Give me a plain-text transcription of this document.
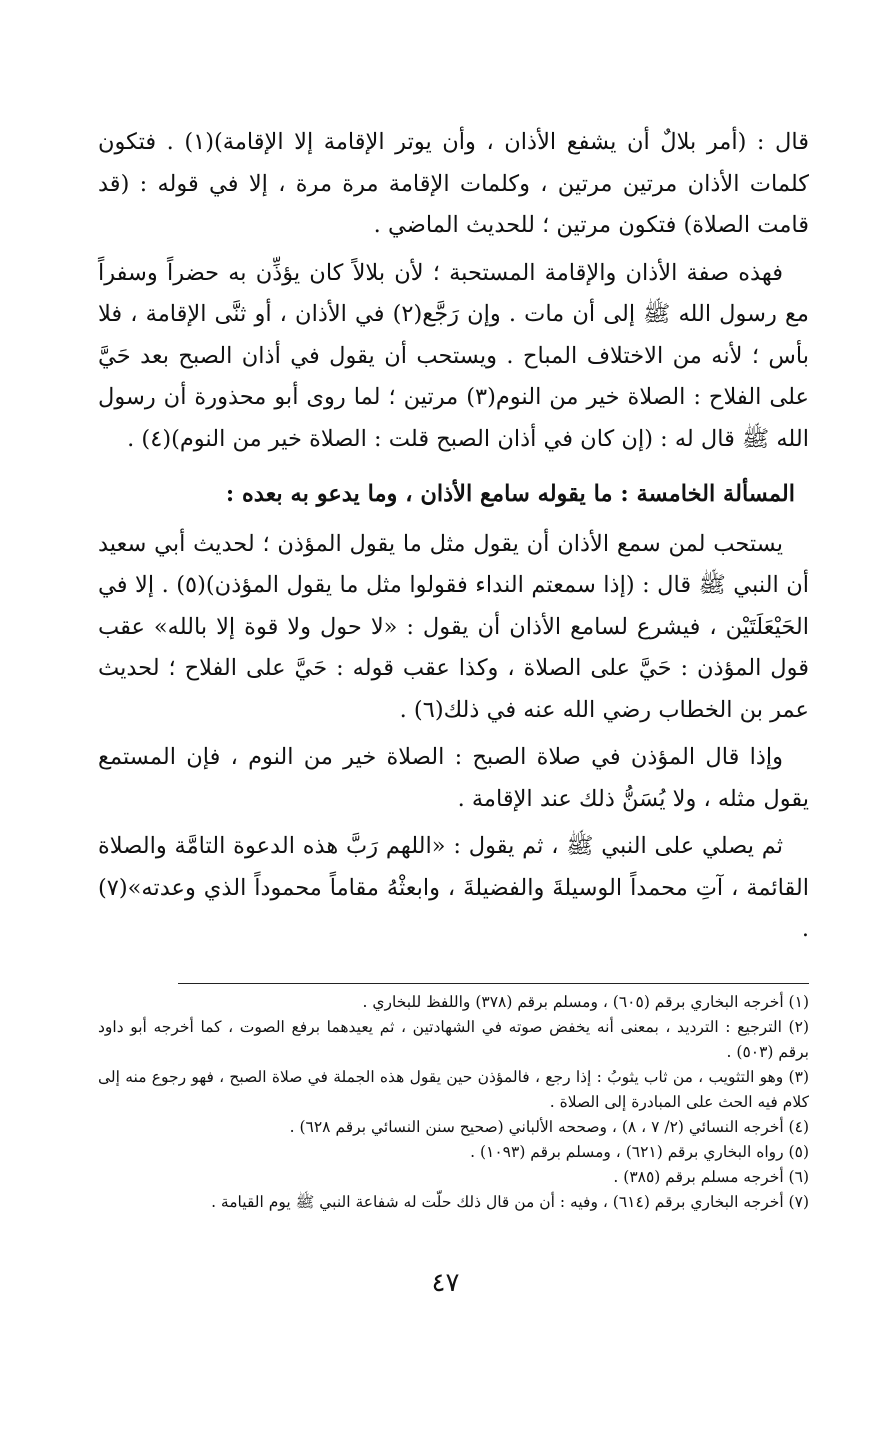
قال : (أمر بلالٌ أن يشفع الأذان ، وأن يوتر الإقامة إلا الإقامة)(١) . فتكون كلمات الأذان مرتين مرتين ، وكلمات الإقامة مرة مرة ، إلا في قوله : (قد قامت الصلاة) فتكون مرتين ؛ للحديث الماضي .

فهذه صفة الأذان والإقامة المستحبة ؛ لأن بلالاً كان يؤذِّن به حضراً وسفراً مع رسول الله ﷺ إلى أن مات . وإن رَجَّع(٢) في الأذان ، أو ثنَّى الإقامة ، فلا بأس ؛ لأنه من الاختلاف المباح . ويستحب أن يقول في أذان الصبح بعد حَيَّ على الفلاح : الصلاة خير من النوم(٣) مرتين ؛ لما روى أبو محذورة أن رسول الله ﷺ قال له : (إن كان في أذان الصبح قلت : الصلاة خير من النوم)(٤) .

المسألة الخامسة : ما يقوله سامع الأذان ، وما يدعو به بعده :

يستحب لمن سمع الأذان أن يقول مثل ما يقول المؤذن ؛ لحديث أبي سعيد أن النبي ﷺ قال : (إذا سمعتم النداء فقولوا مثل ما يقول المؤذن)(٥) . إلا في الحَيْعَلَتَيْن ، فيشرع لسامع الأذان أن يقول : «لا حول ولا قوة إلا بالله» عقب قول المؤذن : حَيَّ على الصلاة ، وكذا عقب قوله : حَيَّ على الفلاح ؛ لحديث عمر بن الخطاب رضي الله عنه في ذلك(٦) .

وإذا قال المؤذن في صلاة الصبح : الصلاة خير من النوم ، فإن المستمع يقول مثله ، ولا يُسَنُّ ذلك عند الإقامة .

ثم يصلي على النبي ﷺ ، ثم يقول : «اللهم رَبَّ هذه الدعوة التامَّة والصلاة القائمة ، آتِ محمداً الوسيلةَ والفضيلةَ ، وابعثْهُ مقاماً محموداً الذي وعدته»(٧) .

(١) أخرجه البخاري برقم (٦٠٥) ، ومسلم برقم (٣٧٨) واللفظ للبخاري .

(٢) الترجيع : الترديد ، بمعنى أنه يخفض صوته في الشهادتين ، ثم يعيدهما برفع الصوت ، كما أخرجه أبو داود برقم (٥٠٣) .

(٣) وهو التثويب ، من ثاب يثوبُ : إذا رجع ، فالمؤذن حين يقول هذه الجملة في صلاة الصبح ، فهو رجوع منه إلى كلام فيه الحث على المبادرة إلى الصلاة .

(٤) أخرجه النسائي (٢/ ٧ ، ٨) ، وصححه الألباني (صحيح سنن النسائي برقم ٦٢٨) .

(٥) رواه البخاري برقم (٦٢١) ، ومسلم برقم (١٠٩٣) .

(٦) أخرجه مسلم برقم (٣٨٥) .

(٧) أخرجه البخاري برقم (٦١٤) ، وفيه : أن من قال ذلك حلّت له شفاعة النبي ﷺ يوم القيامة .

٤٧
